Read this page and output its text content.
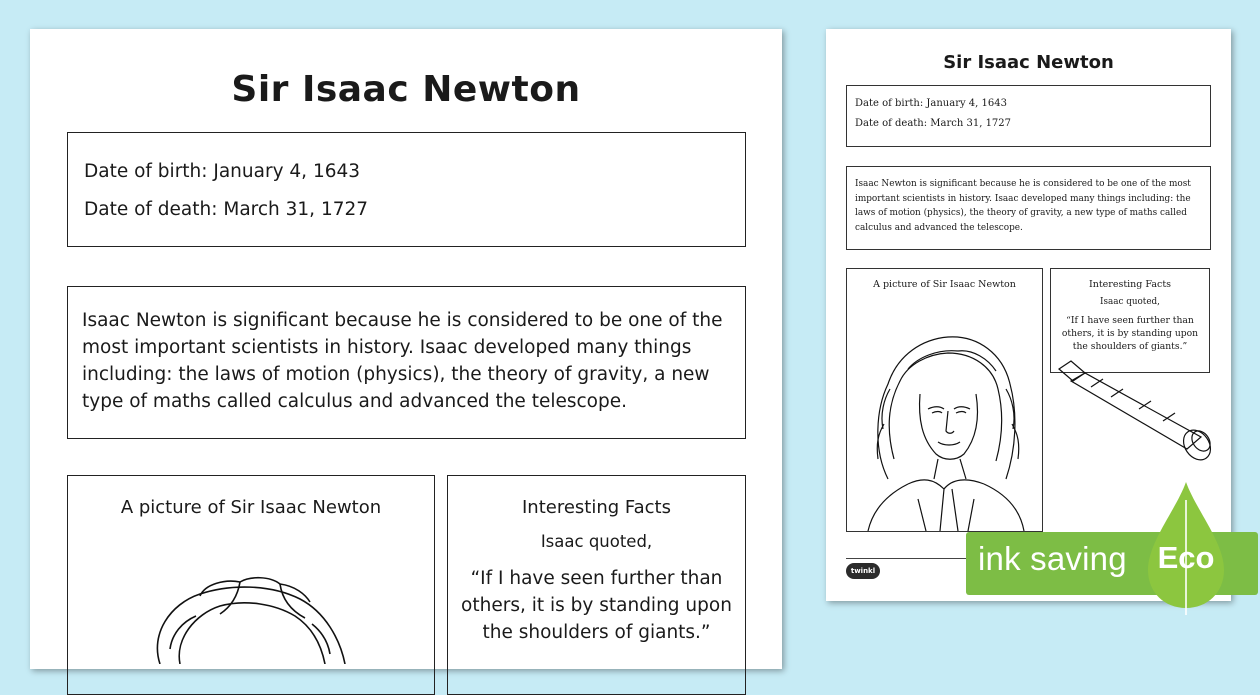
Sir Isaac Newton
Date of birth: January 4, 1643
Date of death: March 31, 1727
Isaac Newton is significant because he is considered to be one of the most important scientists in history. Isaac developed many things including: the laws of motion (physics), the theory of gravity, a new type of maths called calculus and advanced the telescope.
A picture of Sir Isaac Newton	Interesting Facts
Isaac quoted,
“If I have seen further than others, it is by standing upon the shoulders of giants.”
Sir Isaac Newton
Date of birth: January 4, 1643
Date of death: March 31, 1727
Isaac Newton is significant because he is considered to be one of the most important scientists in history. Isaac developed many things including: the laws of motion (physics), the theory of gravity, a new type of maths called calculus and advanced the telescope.
A picture of Sir Isaac Newton	Interesting Facts
Isaac quoted,
“If I have seen further than others, it is by standing upon the shoulders of giants.”
twinkl	ink saving Eco
